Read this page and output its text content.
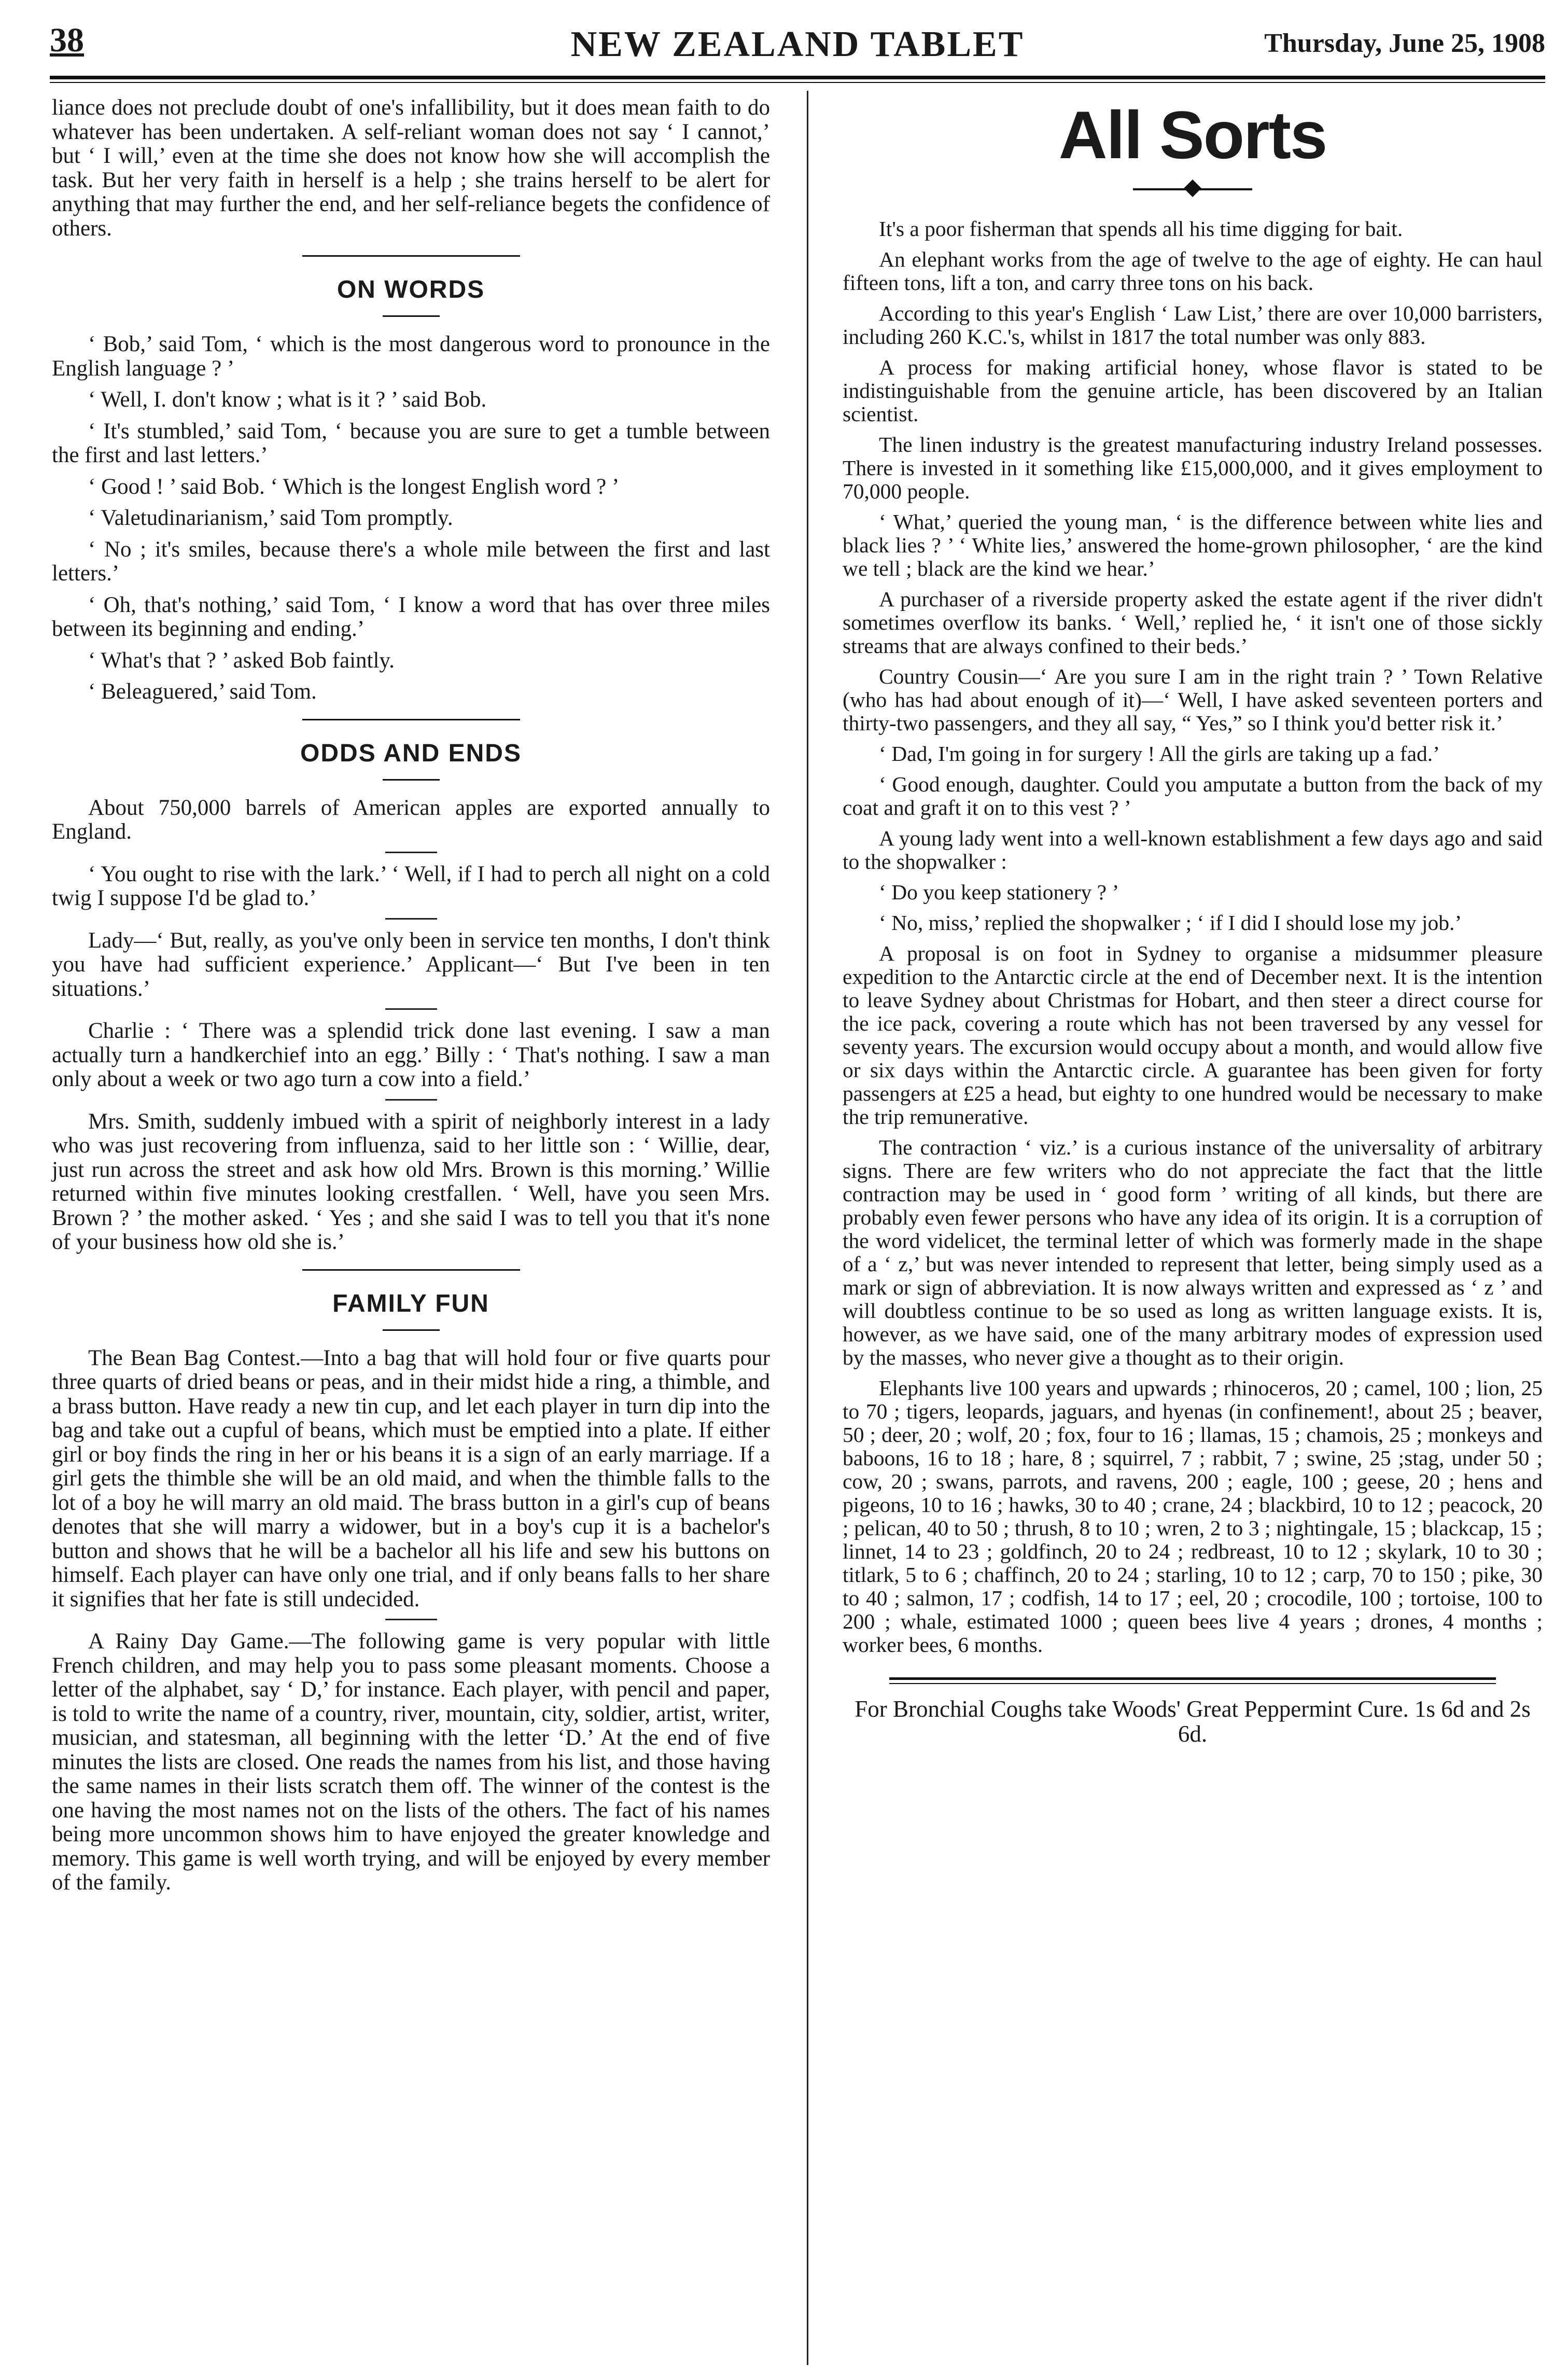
38	NEW ZEALAND TABLET	Thursday, June 25, 1908

liance does not preclude doubt of one's infallibility, but it does mean faith to do whatever has been undertaken. A self-reliant woman does not say ‘ I cannot,’ but ‘ I will,’ even at the time she does not know how she will accomplish the task. But her very faith in herself is a help ; she trains herself to be alert for anything that may further the end, and her self-reliance begets the confidence of others.

ON WORDS

‘ Bob,’ said Tom, ‘ which is the most dangerous word to pronounce in the English language ? ’

‘ Well, I. don't know ; what is it ? ’ said Bob.

‘ It's stumbled,’ said Tom, ‘ because you are sure to get a tumble between the first and last letters.’

‘ Good ! ’ said Bob. ‘ Which is the longest English word ? ’

‘ Valetudinarianism,’ said Tom promptly.

‘ No ; it's smiles, because there's a whole mile between the first and last letters.’

‘ Oh, that's nothing,’ said Tom, ‘ I know a word that has over three miles between its beginning and ending.’

‘ What's that ? ’ asked Bob faintly.

‘ Beleaguered,’ said Tom.

ODDS AND ENDS

About 750,000 barrels of American apples are exported annually to England.

‘ You ought to rise with the lark.’ ‘ Well, if I had to perch all night on a cold twig I suppose I'd be glad to.’

Lady—‘ But, really, as you've only been in service ten months, I don't think you have had sufficient experience.’ Applicant—‘ But I've been in ten situations.’

Charlie : ‘ There was a splendid trick done last evening. I saw a man actually turn a handkerchief into an egg.’ Billy : ‘ That's nothing. I saw a man only about a week or two ago turn a cow into a field.’

Mrs. Smith, suddenly imbued with a spirit of neighborly interest in a lady who was just recovering from influenza, said to her little son : ‘ Willie, dear, just run across the street and ask how old Mrs. Brown is this morning.’ Willie returned within five minutes looking crestfallen. ‘ Well, have you seen Mrs. Brown ? ’ the mother asked. ‘ Yes ; and she said I was to tell you that it's none of your business how old she is.’

FAMILY FUN

The Bean Bag Contest.—Into a bag that will hold four or five quarts pour three quarts of dried beans or peas, and in their midst hide a ring, a thimble, and a brass button. Have ready a new tin cup, and let each player in turn dip into the bag and take out a cupful of beans, which must be emptied into a plate. If either girl or boy finds the ring in her or his beans it is a sign of an early marriage. If a girl gets the thimble she will be an old maid, and when the thimble falls to the lot of a boy he will marry an old maid. The brass button in a girl's cup of beans denotes that she will marry a widower, but in a boy's cup it is a bachelor's button and shows that he will be a bachelor all his life and sew his buttons on himself. Each player can have only one trial, and if only beans falls to her share it signifies that her fate is still undecided.

A Rainy Day Game.—The following game is very popular with little French children, and may help you to pass some pleasant moments. Choose a letter of the alphabet, say ‘ D,’ for instance. Each player, with pencil and paper, is told to write the name of a country, river, mountain, city, soldier, artist, writer, musician, and statesman, all beginning with the letter ‘D.’ At the end of five minutes the lists are closed. One reads the names from his list, and those having the same names in their lists scratch them off. The winner of the contest is the one having the most names not on the lists of the others. The fact of his names being more uncommon shows him to have enjoyed the greater knowledge and memory. This game is well worth trying, and will be enjoyed by every member of the family.

All Sorts

It's a poor fisherman that spends all his time digging for bait.

An elephant works from the age of twelve to the age of eighty. He can haul fifteen tons, lift a ton, and carry three tons on his back.

According to this year's English ‘ Law List,’ there are over 10,000 barristers, including 260 K.C.'s, whilst in 1817 the total number was only 883.

A process for making artificial honey, whose flavor is stated to be indistinguishable from the genuine article, has been discovered by an Italian scientist.

The linen industry is the greatest manufacturing industry Ireland possesses. There is invested in it something like £15,000,000, and it gives employment to 70,000 people.

‘ What,’ queried the young man, ‘ is the difference between white lies and black lies ? ’ ‘ White lies,’ answered the home-grown philosopher, ‘ are the kind we tell ; black are the kind we hear.’

A purchaser of a riverside property asked the estate agent if the river didn't sometimes overflow its banks. ‘ Well,’ replied he, ‘ it isn't one of those sickly streams that are always confined to their beds.’

Country Cousin—‘ Are you sure I am in the right train ? ’ Town Relative (who has had about enough of it)—‘ Well, I have asked seventeen porters and thirty-two passengers, and they all say, “ Yes,” so I think you'd better risk it.’

‘ Dad, I'm going in for surgery ! All the girls are taking up a fad.’

‘ Good enough, daughter. Could you amputate a button from the back of my coat and graft it on to this vest ? ’

A young lady went into a well-known establishment a few days ago and said to the shopwalker :

‘ Do you keep stationery ? ’

‘ No, miss,’ replied the shopwalker ; ‘ if I did I should lose my job.’

A proposal is on foot in Sydney to organise a midsummer pleasure expedition to the Antarctic circle at the end of December next. It is the intention to leave Sydney about Christmas for Hobart, and then steer a direct course for the ice pack, covering a route which has not been traversed by any vessel for seventy years. The excursion would occupy about a month, and would allow five or six days within the Antarctic circle. A guarantee has been given for forty passengers at £25 a head, but eighty to one hundred would be necessary to make the trip remunerative.

The contraction ‘ viz.’ is a curious instance of the universality of arbitrary signs. There are few writers who do not appreciate the fact that the little contraction may be used in ‘ good form ’ writing of all kinds, but there are probably even fewer persons who have any idea of its origin. It is a corruption of the word videlicet, the terminal letter of which was formerly made in the shape of a ‘ z,’ but was never intended to represent that letter, being simply used as a mark or sign of abbreviation. It is now always written and expressed as ‘ z ’ and will doubtless continue to be so used as long as written language exists. It is, however, as we have said, one of the many arbitrary modes of expression used by the masses, who never give a thought as to their origin.

Elephants live 100 years and upwards ; rhinoceros, 20 ; camel, 100 ; lion, 25 to 70 ; tigers, leopards, jaguars, and hyenas (in confinement!, about 25 ; beaver, 50 ; deer, 20 ; wolf, 20 ; fox, four to 16 ; llamas, 15 ; chamois, 25 ; monkeys and baboons, 16 to 18 ; hare, 8 ; squirrel, 7 ; rabbit, 7 ; swine, 25 ;stag, under 50 ; cow, 20 ; swans, parrots, and ravens, 200 ; eagle, 100 ; geese, 20 ; hens and pigeons, 10 to 16 ; hawks, 30 to 40 ; crane, 24 ; blackbird, 10 to 12 ; peacock, 20 ; pelican, 40 to 50 ; thrush, 8 to 10 ; wren, 2 to 3 ; nightingale, 15 ; blackcap, 15 ; linnet, 14 to 23 ; goldfinch, 20 to 24 ; redbreast, 10 to 12 ; skylark, 10 to 30 ; titlark, 5 to 6 ; chaffinch, 20 to 24 ; starling, 10 to 12 ; carp, 70 to 150 ; pike, 30 to 40 ; salmon, 17 ; codfish, 14 to 17 ; eel, 20 ; crocodile, 100 ; tortoise, 100 to 200 ; whale, estimated 1000 ; queen bees live 4 years ; drones, 4 months ; worker bees, 6 months.

For Bronchial Coughs take Woods' Great Peppermint Cure. 1s 6d and 2s 6d.
